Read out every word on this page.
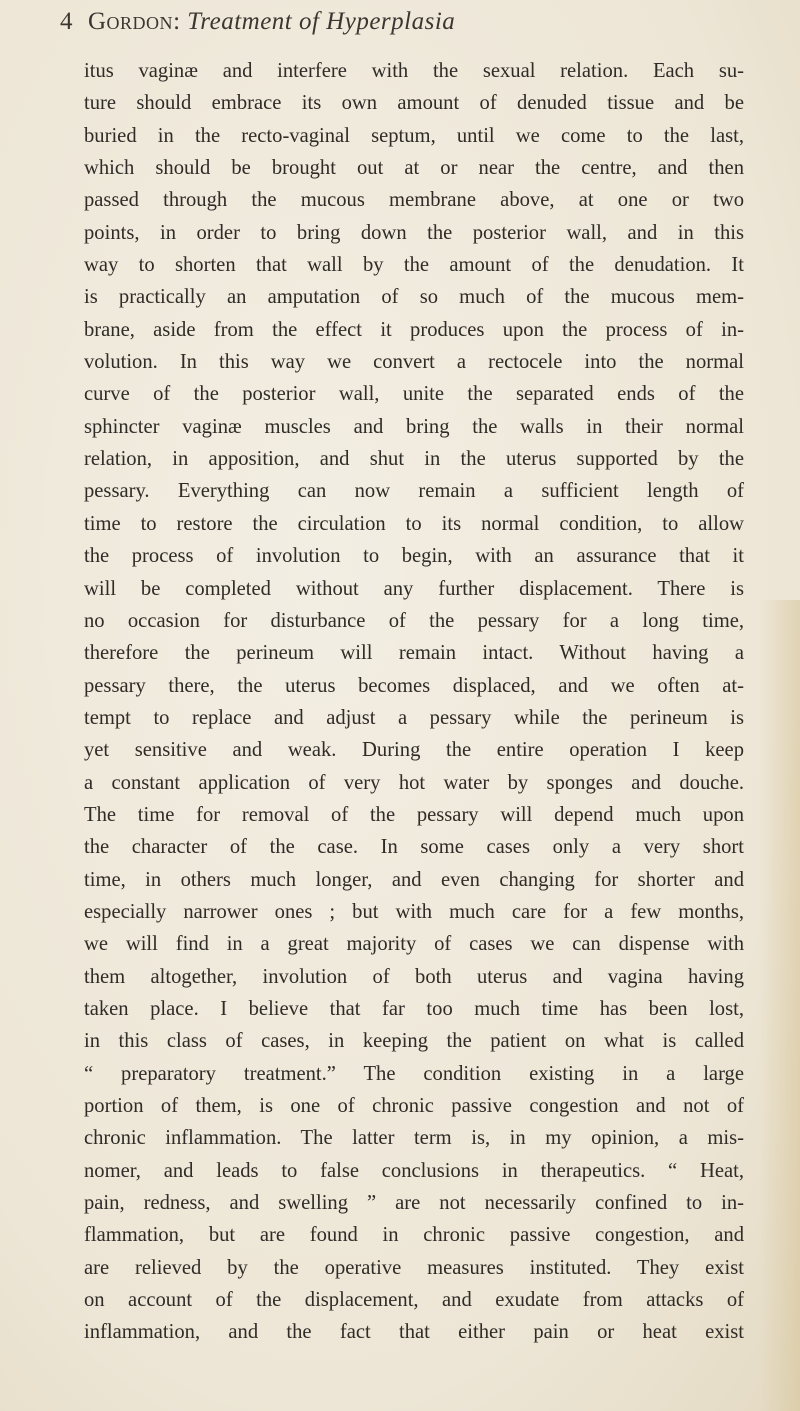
4 Gordon: Treatment of Hyperplasia
itus vaginæ and interfere with the sexual relation. Each su-
ture should embrace its own amount of denuded tissue and be
buried in the recto-vaginal septum, until we come to the last,
which should be brought out at or near the centre, and then
passed through the mucous membrane above, at one or two
points, in order to bring down the posterior wall, and in this
way to shorten that wall by the amount of the denudation. It
is practically an amputation of so much of the mucous mem-
brane, aside from the effect it produces upon the process of in-
volution. In this way we convert a rectocele into the normal
curve of the posterior wall, unite the separated ends of the
sphincter vaginæ muscles and bring the walls in their normal
relation, in apposition, and shut in the uterus supported by the
pessary. Everything can now remain a sufficient length of
time to restore the circulation to its normal condition, to allow
the process of involution to begin, with an assurance that it
will be completed without any further displacement. There is
no occasion for disturbance of the pessary for a long time,
therefore the perineum will remain intact. Without having a
pessary there, the uterus becomes displaced, and we often at-
tempt to replace and adjust a pessary while the perineum is
yet sensitive and weak. During the entire operation I keep
a constant application of very hot water by sponges and douche.
The time for removal of the pessary will depend much upon
the character of the case. In some cases only a very short
time, in others much longer, and even changing for shorter and
especially narrower ones ; but with much care for a few months,
we will find in a great majority of cases we can dispense with
them altogether, involution of both uterus and vagina having
taken place. I believe that far too much time has been lost,
in this class of cases, in keeping the patient on what is called
“ preparatory treatment.” The condition existing in a large
portion of them, is one of chronic passive congestion and not of
chronic inflammation. The latter term is, in my opinion, a mis-
nomer, and leads to false conclusions in therapeutics. “ Heat,
pain, redness, and swelling ” are not necessarily confined to in-
flammation, but are found in chronic passive congestion, and
are relieved by the operative measures instituted. They exist
on account of the displacement, and exudate from attacks of
inflammation, and the fact that either pain or heat exist
